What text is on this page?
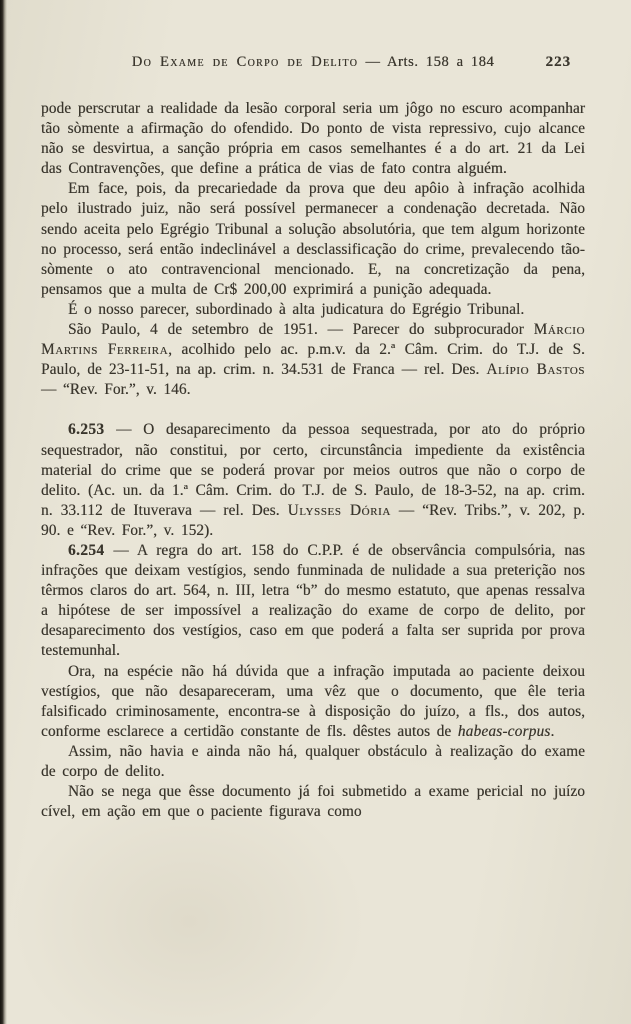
Do Exame de Corpo de Delito — Arts. 158 a 184	223

pode perscrutar a realidade da lesão corporal seria um jôgo no escuro acompanhar tão sòmente a afirmação do ofendido. Do ponto de vista repressivo, cujo alcance não se desvirtua, a sanção própria em casos semelhantes é a do art. 21 da Lei das Contravenções, que define a prática de vias de fato contra alguém.

Em face, pois, da precariedade da prova que deu apôio à infração acolhida pelo ilustrado juiz, não será possível permanecer a condenação decretada. Não sendo aceita pelo Egrégio Tribunal a solução absolutória, que tem algum horizonte no processo, será então indeclinável a desclassificação do crime, prevalecendo tão-sòmente o ato contravencional mencionado. E, na concretização da pena, pensamos que a multa de Cr$ 200,00 exprimirá a punição adequada.

É o nosso parecer, subordinado à alta judicatura do Egrégio Tribunal.

São Paulo, 4 de setembro de 1951. — Parecer do subprocurador Márcio Martins Ferreira, acolhido pelo ac. p.m.v. da 2.ª Câm. Crim. do T.J. de S. Paulo, de 23-11-51, na ap. crim. n. 34.531 de Franca — rel. Des. Alípio Bastos — “Rev. For.”, v. 146.

6.253 — O desaparecimento da pessoa sequestrada, por ato do próprio sequestrador, não constitui, por certo, circunstância impediente da existência material do crime que se poderá provar por meios outros que não o corpo de delito. (Ac. un. da 1.ª Câm. Crim. do T.J. de S. Paulo, de 18-3-52, na ap. crim. n. 33.112 de Ituverava — rel. Des. Ulysses Dória — “Rev. Tribs.”, v. 202, p. 90. e “Rev. For.”, v. 152).

6.254 — A regra do art. 158 do C.P.P. é de observância compulsória, nas infrações que deixam vestígios, sendo funminada de nulidade a sua preterição nos têrmos claros do art. 564, n. III, letra “b” do mesmo estatuto, que apenas ressalva a hipótese de ser impossível a realização do exame de corpo de delito, por desaparecimento dos vestígios, caso em que poderá a falta ser suprida por prova testemunhal.

Ora, na espécie não há dúvida que a infração imputada ao paciente deixou vestígios, que não desapareceram, uma vêz que o documento, que êle teria falsificado criminosamente, encontra-se à disposição do juízo, a fls., dos autos, conforme esclarece a certidão constante de fls. dêstes autos de habeas-corpus.

Assim, não havia e ainda não há, qualquer obstáculo à realização do exame de corpo de delito.

Não se nega que êsse documento já foi submetido a exame pericial no juízo cível, em ação em que o paciente figurava como
